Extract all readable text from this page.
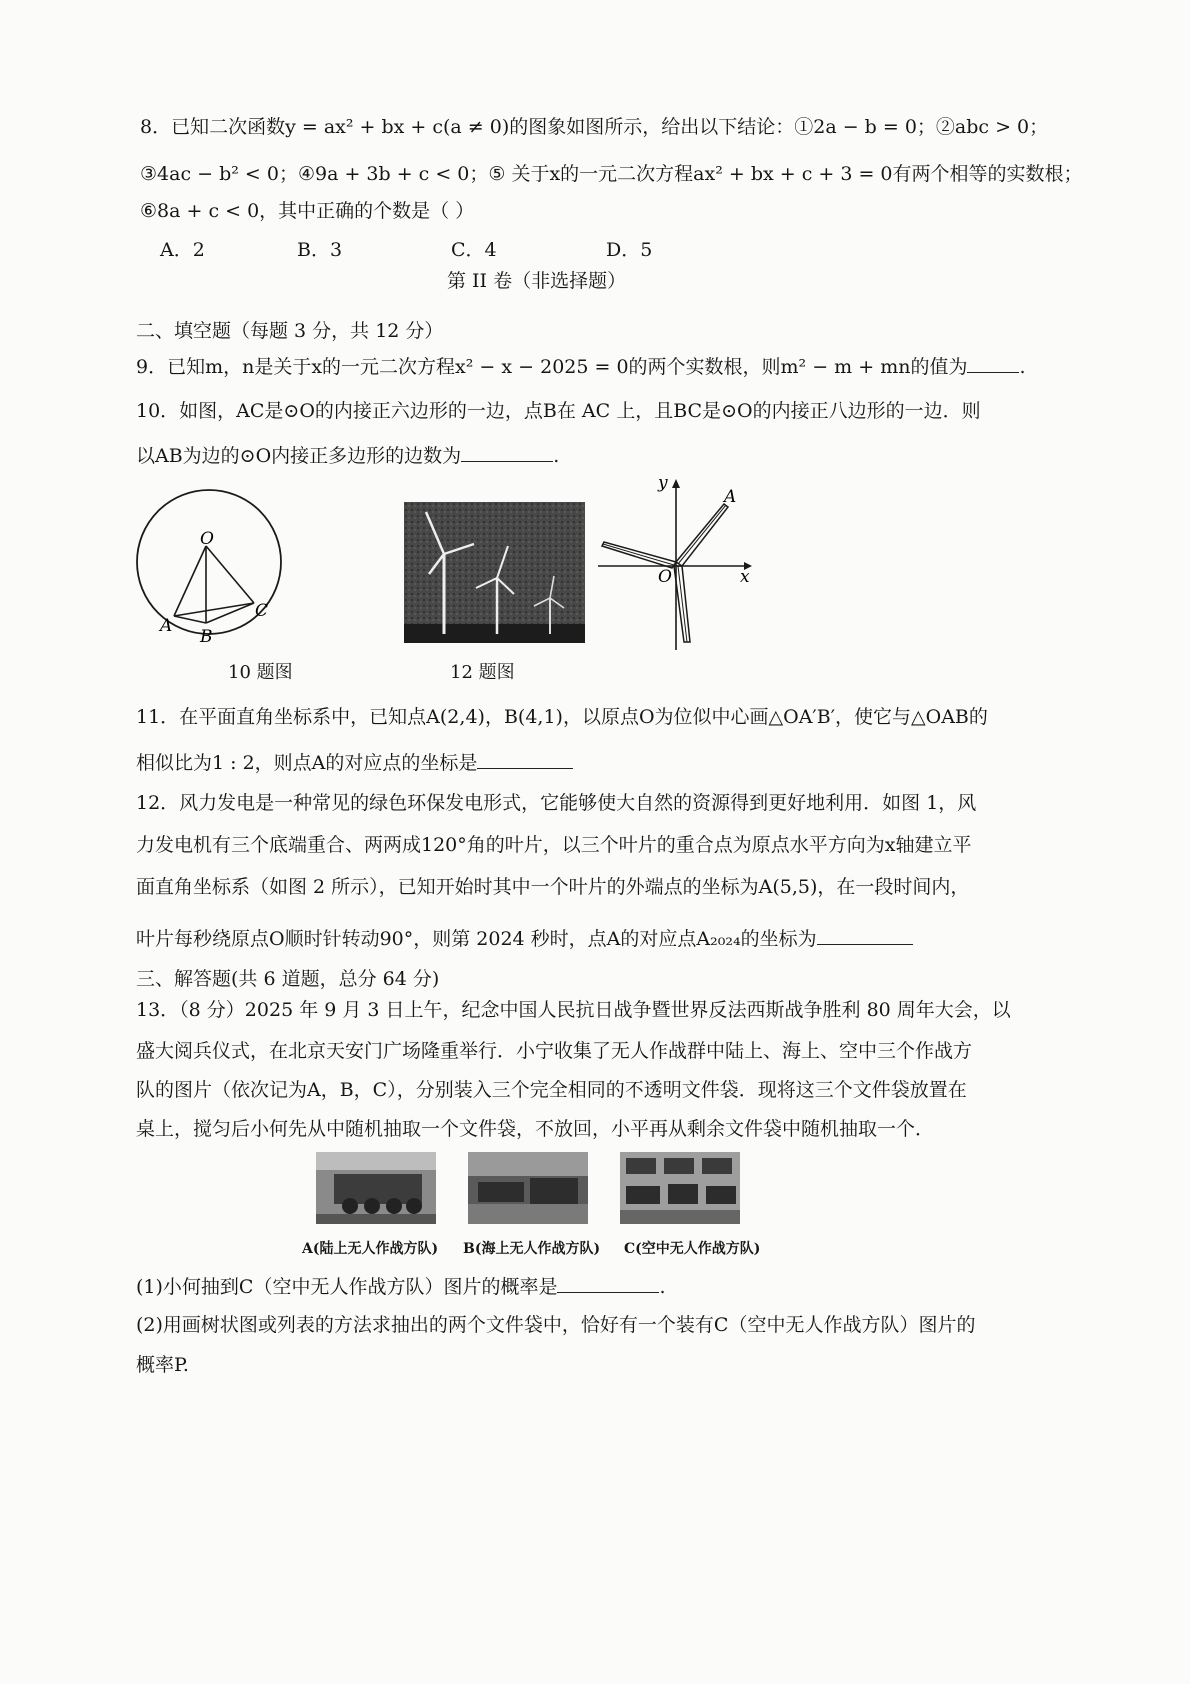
8．已知二次函数y = ax² + bx + c(a ≠ 0)的图象如图所示，给出以下结论：①2a − b = 0；②abc > 0；
③4ac − b² < 0；④9a + 3b + c < 0；⑤ 关于x的一元二次方程ax² + bx + c + 3 = 0有两个相等的实数根；
⑥8a + c < 0，其中正确的个数是（ ）
A．2	B．3	C．4	D．5
第 II 卷（非选择题）
二、填空题（每题 3 分，共 12 分）
9．已知m，n是关于x的一元二次方程x² − x − 2025 = 0的两个实数根，则m² − m + mn的值为	.
10．如图，AC是⊙O的内接正六边形的一边，点B在 AC 上，且BC是⊙O的内接正八边形的一边．则
以AB为边的⊙O内接正多边形的边数为	.
O
A
B
C
10 题图	12 题图
y
x
O
A
11．在平面直角坐标系中，已知点A(2,4)，B(4,1)，以原点O为位似中心画△OA′B′，使它与△OAB的
相似比为1 : 2，则点A的对应点的坐标是
12．风力发电是一种常见的绿色环保发电形式，它能够使大自然的资源得到更好地利用．如图 1，风
力发电机有三个底端重合、两两成120°角的叶片，以三个叶片的重合点为原点水平方向为x轴建立平
面直角坐标系（如图 2 所示），已知开始时其中一个叶片的外端点的坐标为A(5,5)，在一段时间内，
叶片每秒绕原点O顺时针转动90°，则第 2024 秒时，点A的对应点A₂₀₂₄的坐标为
三、解答题(共 6 道题，总分 64 分)
13．（8 分）2025 年 9 月 3 日上午，纪念中国人民抗日战争暨世界反法西斯战争胜利 80 周年大会，以
盛大阅兵仪式，在北京天安门广场隆重举行．小宁收集了无人作战群中陆上、海上、空中三个作战方
队的图片（依次记为A，B，C），分别装入三个完全相同的不透明文件袋．现将这三个文件袋放置在
桌上，搅匀后小何先从中随机抽取一个文件袋，不放回，小平再从剩余文件袋中随机抽取一个．
A(陆上无人作战方队) B(海上无人作战方队) C(空中无人作战方队)
(1)小何抽到C（空中无人作战方队）图片的概率是	.
(2)用画树状图或列表的方法求抽出的两个文件袋中，恰好有一个装有C（空中无人作战方队）图片的
概率P.
